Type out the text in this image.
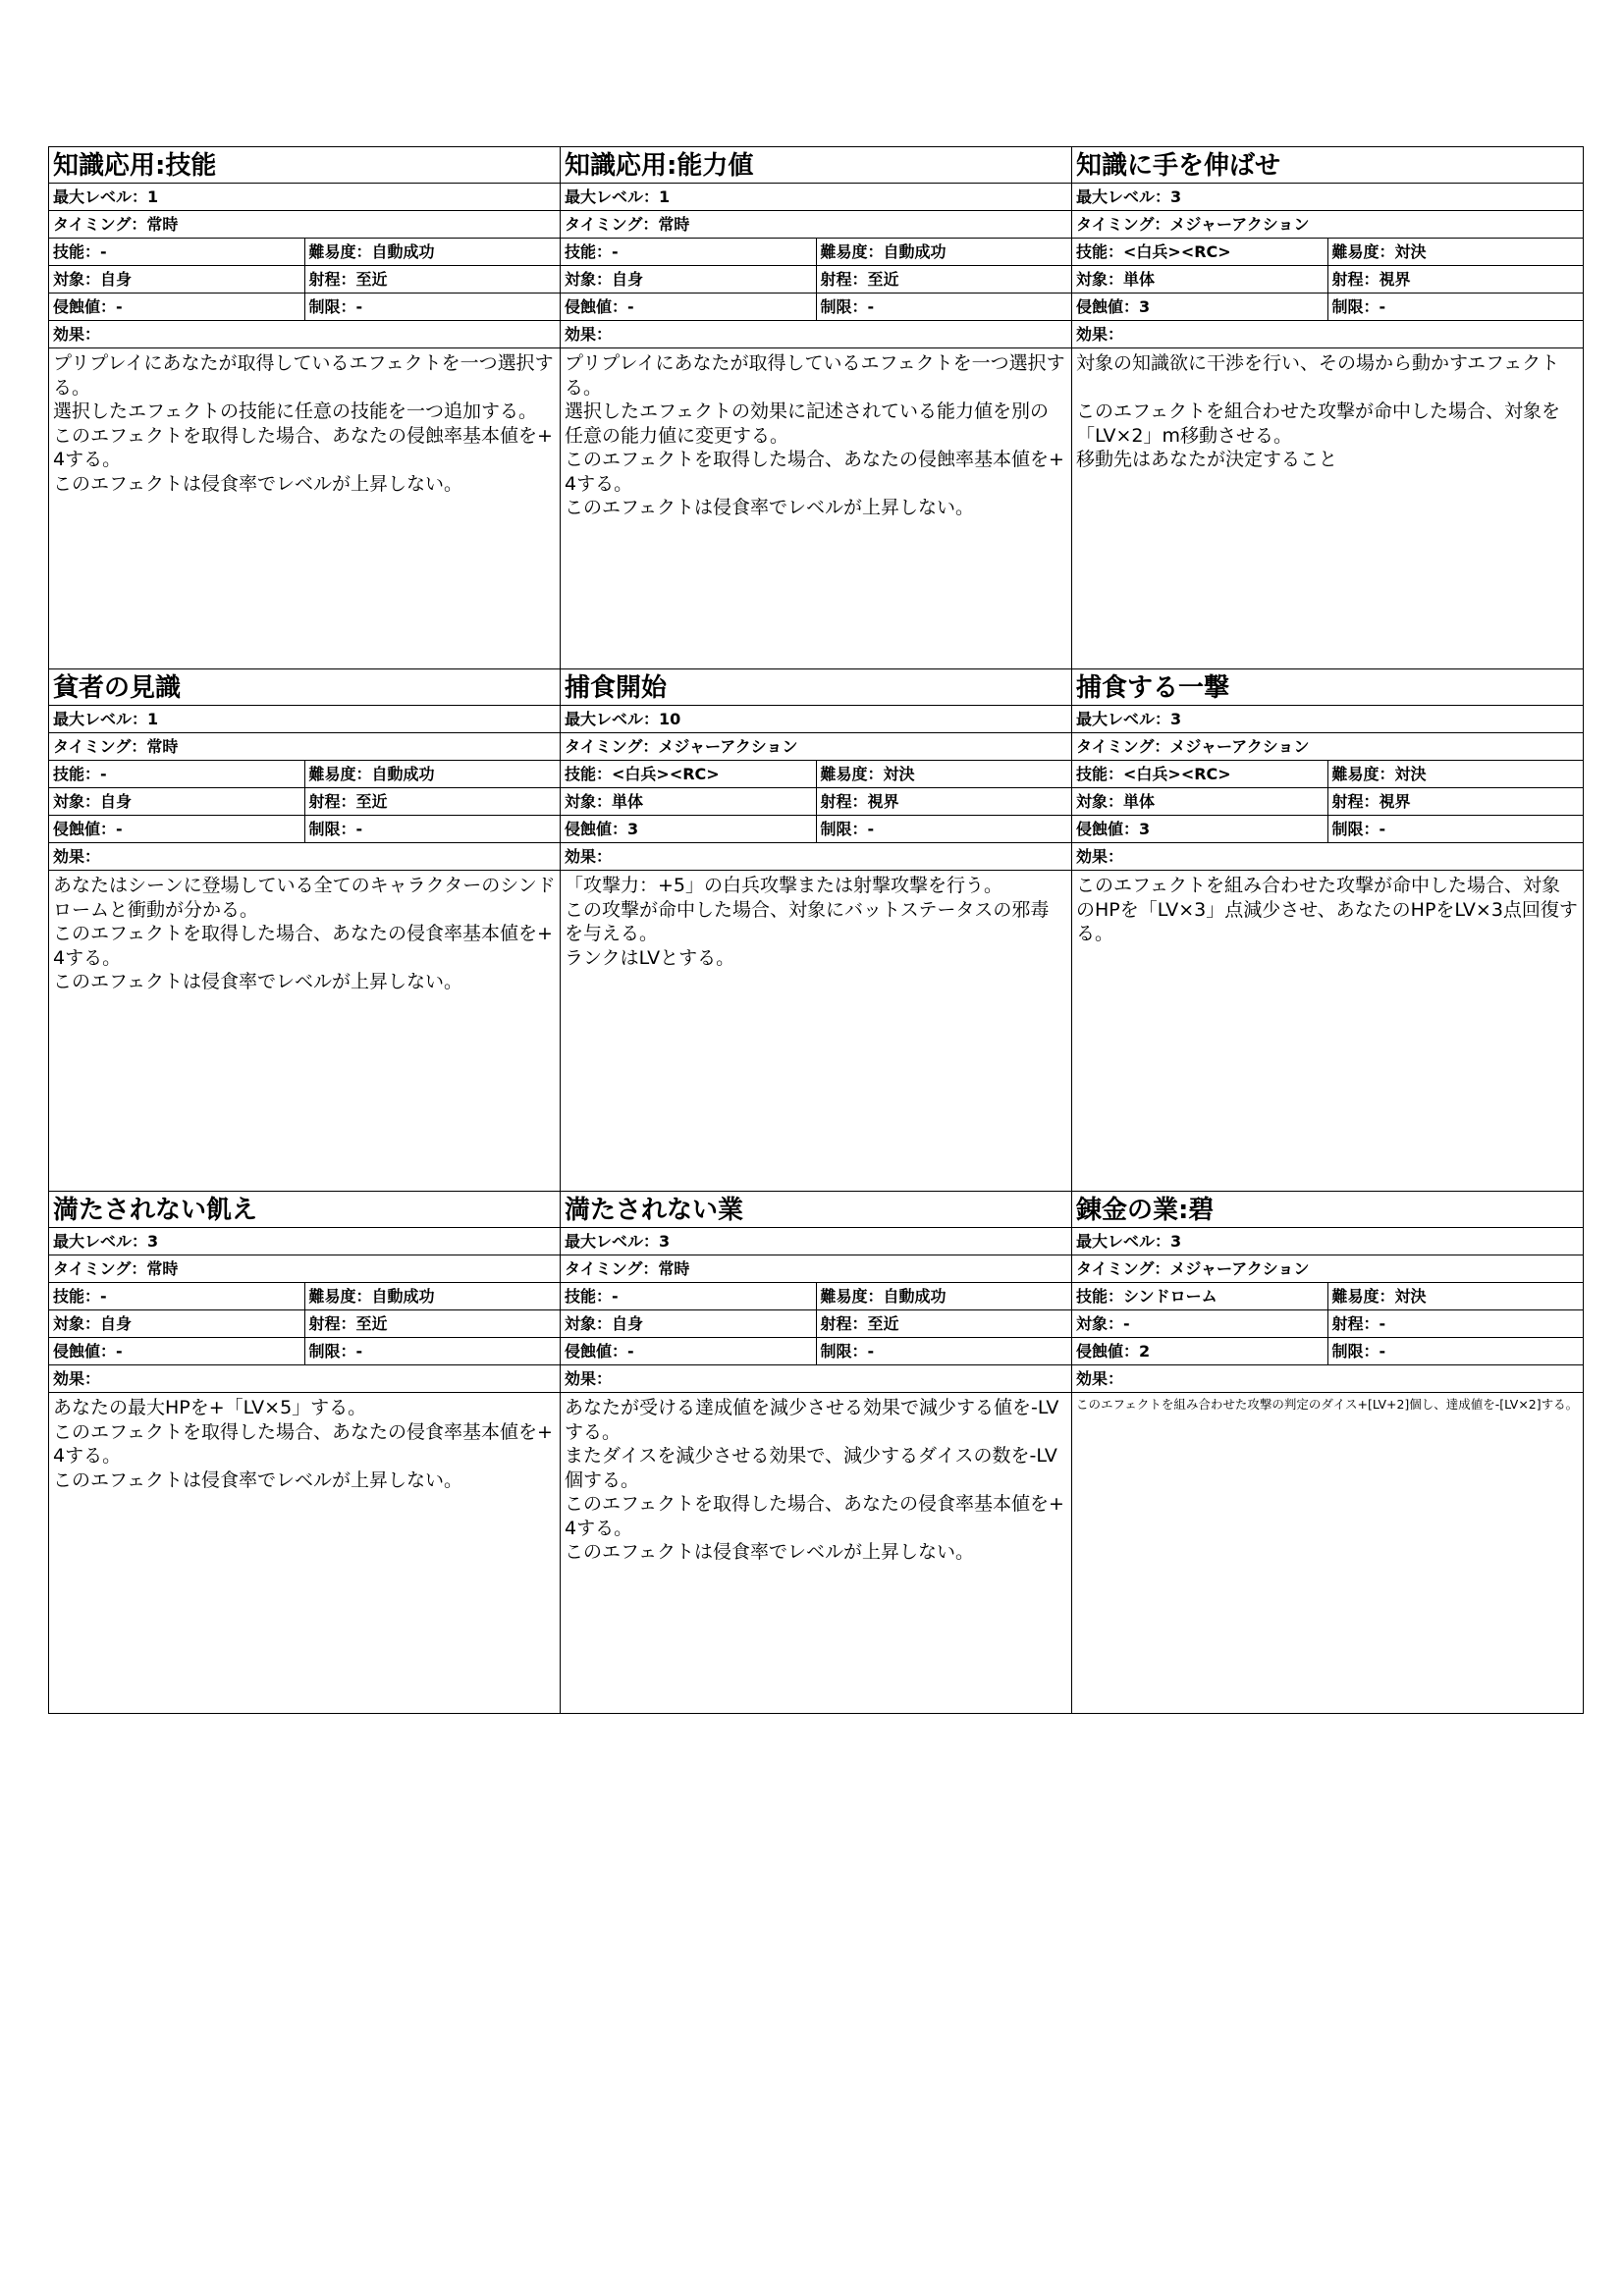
知識応用:技能
最大レベル：1
タイミング：常時
技能：-	難易度：自動成功
対象：自身	射程：至近
侵蝕値：-	制限：-
効果：
プリプレイにあなたが取得しているエフェクトを一つ選択する。
選択したエフェクトの技能に任意の技能を一つ追加する。
このエフェクトを取得した場合、あなたの侵蝕率基本値を+4する。
このエフェクトは侵食率でレベルが上昇しない。
知識応用:能力値
最大レベル：1
タイミング：常時
技能：-	難易度：自動成功
対象：自身	射程：至近
侵蝕値：-	制限：-
効果：
プリプレイにあなたが取得しているエフェクトを一つ選択する。
選択したエフェクトの効果に記述されている能力値を別の任意の能力値に変更する。
このエフェクトを取得した場合、あなたの侵蝕率基本値を+4する。
このエフェクトは侵食率でレベルが上昇しない。
知識に手を伸ばせ
最大レベル：3
タイミング：メジャーアクション
技能：<白兵><RC>	難易度：対決
対象：単体	射程：視界
侵蝕値：3	制限：-
効果：
対象の知識欲に干渉を行い、その場から動かすエフェクト

このエフェクトを組合わせた攻撃が命中した場合、対象を「LV×2」m移動させる。
移動先はあなたが決定すること
貧者の見識
最大レベル：1
タイミング：常時
技能：-	難易度：自動成功
対象：自身	射程：至近
侵蝕値：-	制限：-
効果：
あなたはシーンに登場している全てのキャラクターのシンドロームと衝動が分かる。
このエフェクトを取得した場合、あなたの侵食率基本値を+4する。
このエフェクトは侵食率でレベルが上昇しない。
捕食開始
最大レベル：10
タイミング：メジャーアクション
技能：<白兵><RC>	難易度：対決
対象：単体	射程：視界
侵蝕値：3	制限：-
効果：
「攻撃力：+5」の白兵攻撃または射撃攻撃を行う。
この攻撃が命中した場合、対象にバットステータスの邪毒を与える。
ランクはLVとする。
捕食する一撃
最大レベル：3
タイミング：メジャーアクション
技能：<白兵><RC>	難易度：対決
対象：単体	射程：視界
侵蝕値：3	制限：-
効果：
このエフェクトを組み合わせた攻撃が命中した場合、対象のHPを「LV×3」点減少させ、あなたのHPをLV×3点回復する。
満たされない飢え
最大レベル：3
タイミング：常時
技能：-	難易度：自動成功
対象：自身	射程：至近
侵蝕値：-	制限：-
効果：
あなたの最大HPを+「LV×5」する。
このエフェクトを取得した場合、あなたの侵食率基本値を+4する。
このエフェクトは侵食率でレベルが上昇しない。
満たされない業
最大レベル：3
タイミング：常時
技能：-	難易度：自動成功
対象：自身	射程：至近
侵蝕値：-	制限：-
効果：
あなたが受ける達成値を減少させる効果で減少する値を-LVする。
またダイスを減少させる効果で、減少するダイスの数を-LV個する。
このエフェクトを取得した場合、あなたの侵食率基本値を+4する。
このエフェクトは侵食率でレベルが上昇しない。
錬金の業:碧
最大レベル：3
タイミング：メジャーアクション
技能：シンドローム	難易度：対決
対象：-	射程：-
侵蝕値：2	制限：-
効果：
このエフェクトを組み合わせた攻撃の判定のダイス+[LV+2]個し、達成値を-[LV×2]する。
